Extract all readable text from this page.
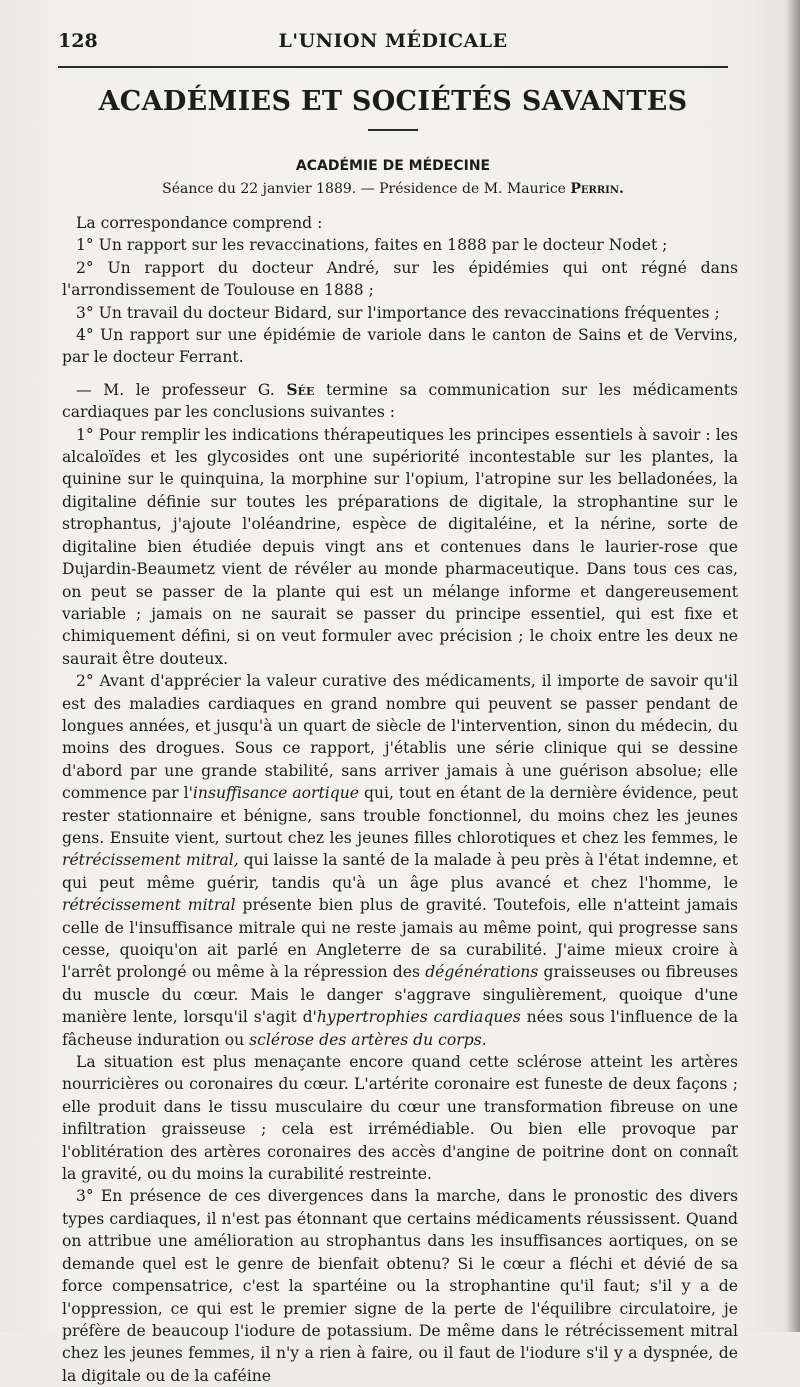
128	L'UNION MÉDICALE
ACADÉMIES ET SOCIÉTÉS SAVANTES
ACADÉMIE DE MÉDECINE
Séance du 22 janvier 1889. — Présidence de M. Maurice Perrin.

La correspondance comprend :

1° Un rapport sur les revaccinations, faites en 1888 par le docteur Nodet ;

2° Un rapport du docteur André, sur les épidémies qui ont régné dans l'arrondissement de Toulouse en 1888 ;

3° Un travail du docteur Bidard, sur l'importance des revaccinations fréquentes ;

4° Un rapport sur une épidémie de variole dans le canton de Sains et de Vervins, par le docteur Ferrant.

— M. le professeur G. Sée termine sa communication sur les médicaments cardiaques par les conclusions suivantes :

1° Pour remplir les indications thérapeutiques les principes essentiels à savoir : les alcaloïdes et les glycosides ont une supériorité incontestable sur les plantes, la quinine sur le quinquina, la morphine sur l'opium, l'atropine sur les belladonées, la digitaline définie sur toutes les préparations de digitale, la strophantine sur le strophantus, j'ajoute l'oléandrine, espèce de digitaléine, et la nérine, sorte de digitaline bien étudiée depuis vingt ans et contenues dans le laurier-rose que Dujardin-Beaumetz vient de révéler au monde pharmaceutique. Dans tous ces cas, on peut se passer de la plante qui est un mélange informe et dangereusement variable ; jamais on ne saurait se passer du principe essentiel, qui est fixe et chimiquement défini, si on veut formuler avec précision ; le choix entre les deux ne saurait être douteux.

2° Avant d'apprécier la valeur curative des médicaments, il importe de savoir qu'il est des maladies cardiaques en grand nombre qui peuvent se passer pendant de longues années, et jusqu'à un quart de siècle de l'intervention, sinon du médecin, du moins des drogues. Sous ce rapport, j'établis une série clinique qui se dessine d'abord par une grande stabilité, sans arriver jamais à une guérison absolue; elle commence par l'insuffisance aortique qui, tout en étant de la dernière évidence, peut rester stationnaire et bénigne, sans trouble fonctionnel, du moins chez les jeunes gens. Ensuite vient, surtout chez les jeunes filles chlorotiques et chez les femmes, le rétrécissement mitral, qui laisse la santé de la malade à peu près à l'état indemne, et qui peut même guérir, tandis qu'à un âge plus avancé et chez l'homme, le rétrécissement mitral présente bien plus de gravité. Toutefois, elle n'atteint jamais celle de l'insuffisance mitrale qui ne reste jamais au même point, qui progresse sans cesse, quoiqu'on ait parlé en Angleterre de sa curabilité. J'aime mieux croire à l'arrêt prolongé ou même à la répression des dégénérations graisseuses ou fibreuses du muscle du cœur. Mais le danger s'aggrave singulièrement, quoique d'une manière lente, lorsqu'il s'agit d'hypertrophies cardiaques nées sous l'influence de la fâcheuse induration ou sclérose des artères du corps.

La situation est plus menaçante encore quand cette sclérose atteint les artères nourricières ou coronaires du cœur. L'artérite coronaire est funeste de deux façons ; elle produit dans le tissu musculaire du cœur une transformation fibreuse on une infiltration graisseuse ; cela est irrémédiable. Ou bien elle provoque par l'oblitération des artères coronaires des accès d'angine de poitrine dont on connaît la gravité, ou du moins la curabilité restreinte.

3° En présence de ces divergences dans la marche, dans le pronostic des divers types cardiaques, il n'est pas étonnant que certains médicaments réussissent. Quand on attribue une amélioration au strophantus dans les insuffisances aortiques, on se demande quel est le genre de bienfait obtenu? Si le cœur a fléchi et dévié de sa force compensatrice, c'est la spartéine ou la strophantine qu'il faut; s'il y a de l'oppression, ce qui est le premier signe de la perte de l'équilibre circulatoire, je préfère de beaucoup l'iodure de potassium. De même dans le rétrécissement mitral chez les jeunes femmes, il n'y a rien à faire, ou il faut de l'iodure s'il y a dyspnée, de la digitale ou de la caféine
